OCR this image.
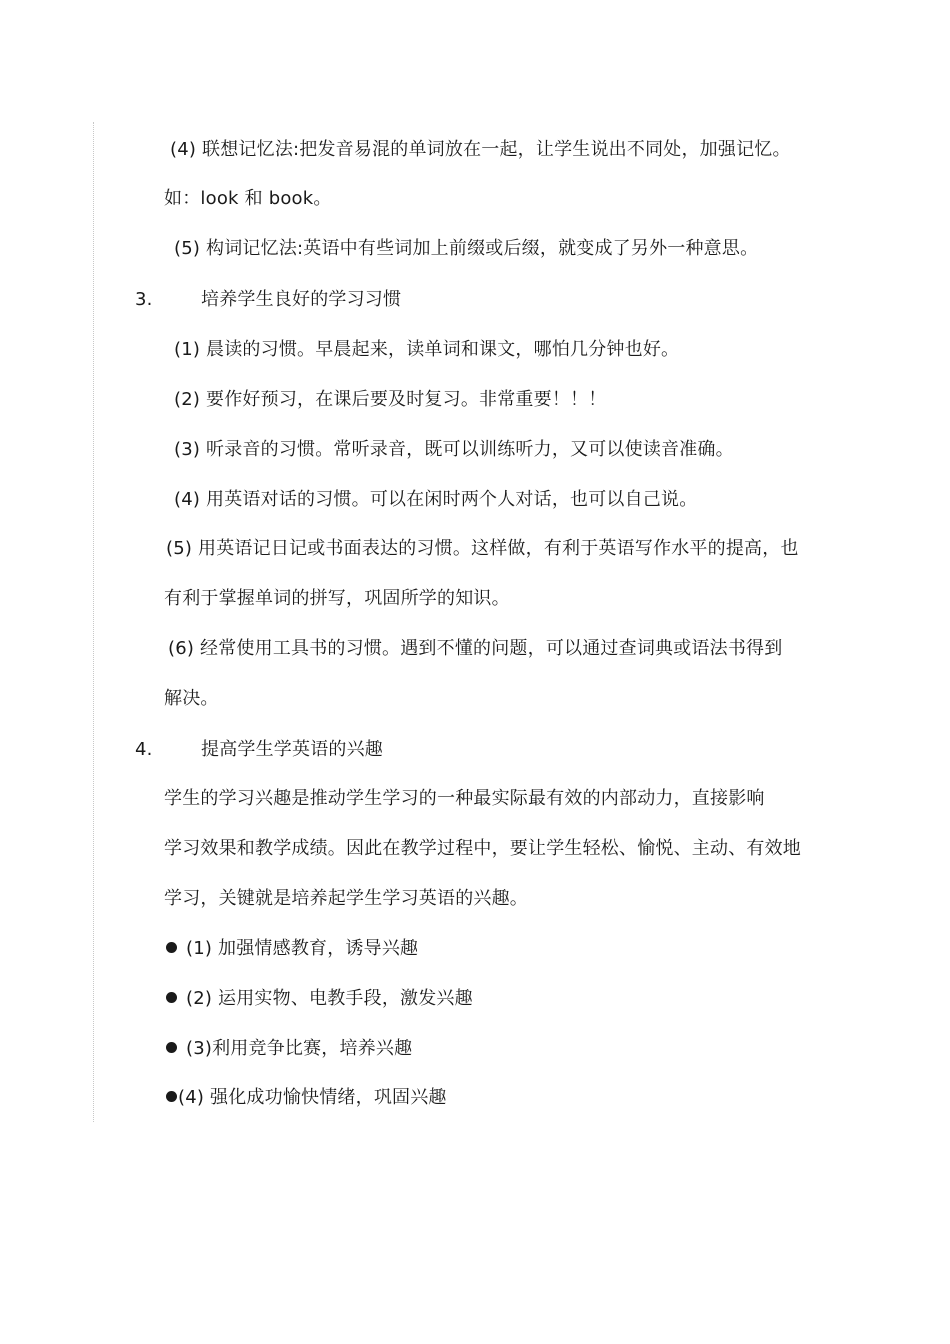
(4) 联想记忆法:把发音易混的单词放在一起，让学生说出不同处，加强记忆。
如：look 和 book。
(5) 构词记忆法:英语中有些词加上前缀或后缀，就变成了另外一种意思。
3.	培养学生良好的学习习惯
(1) 晨读的习惯。早晨起来，读单词和课文，哪怕几分钟也好。
(2) 要作好预习，在课后要及时复习。非常重要！！！
(3) 听录音的习惯。常听录音，既可以训练听力，又可以使读音准确。
(4) 用英语对话的习惯。可以在闲时两个人对话，也可以自己说。
(5) 用英语记日记或书面表达的习惯。这样做，有利于英语写作水平的提高，也
有利于掌握单词的拼写，巩固所学的知识。
(6) 经常使用工具书的习惯。遇到不懂的问题，可以通过查词典或语法书得到
解决。
4.	提高学生学英语的兴趣
学生的学习兴趣是推动学生学习的一种最实际最有效的内部动力，直接影响
学习效果和教学成绩。因此在教学过程中，要让学生轻松、愉悦、主动、有效地
学习，关键就是培养起学生学习英语的兴趣。
(1) 加强情感教育，诱导兴趣
(2) 运用实物、电教手段，激发兴趣
(3)利用竞争比赛，培养兴趣
(4) 强化成功愉快情绪，巩固兴趣
